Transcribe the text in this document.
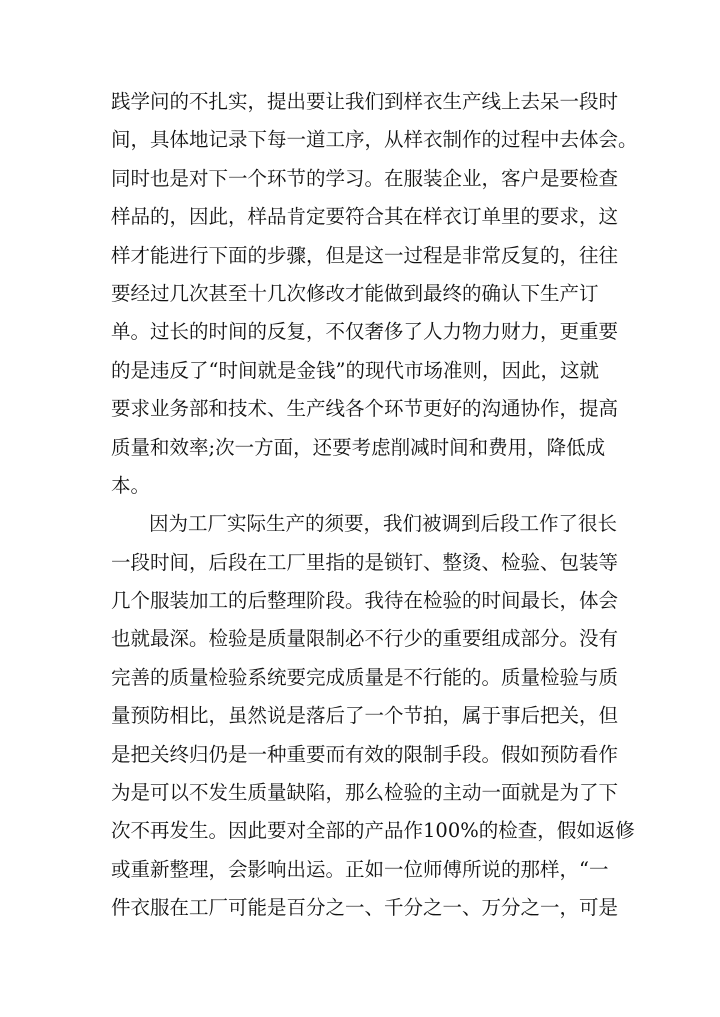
践学问的不扎实，提出要让我们到样衣生产线上去呆一段时
间，具体地记录下每一道工序，从样衣制作的过程中去体会。
同时也是对下一个环节的学习。在服装企业，客户是要检查
样品的，因此，样品肯定要符合其在样衣订单里的要求，这
样才能进行下面的步骤，但是这一过程是非常反复的，往往
要经过几次甚至十几次修改才能做到最终的确认下生产订
单。过长的时间的反复，不仅奢侈了人力物力财力，更重要
的是违反了“时间就是金钱”的现代市场准则，因此，这就
要求业务部和技术、生产线各个环节更好的沟通协作，提高
质量和效率;次一方面，还要考虑削减时间和费用，降低成
本。
因为工厂实际生产的须要，我们被调到后段工作了很长
一段时间，后段在工厂里指的是锁钉、整烫、检验、包装等
几个服装加工的后整理阶段。我待在检验的时间最长，体会
也就最深。检验是质量限制必不行少的重要组成部分。没有
完善的质量检验系统要完成质量是不行能的。质量检验与质
量预防相比，虽然说是落后了一个节拍，属于事后把关，但
是把关终归仍是一种重要而有效的限制手段。假如预防看作
为是可以不发生质量缺陷，那么检验的主动一面就是为了下
次不再发生。因此要对全部的产品作100%的检查，假如返修
或重新整理，会影响出运。正如一位师傅所说的那样，“一
件衣服在工厂可能是百分之一、千分之一、万分之一，可是
